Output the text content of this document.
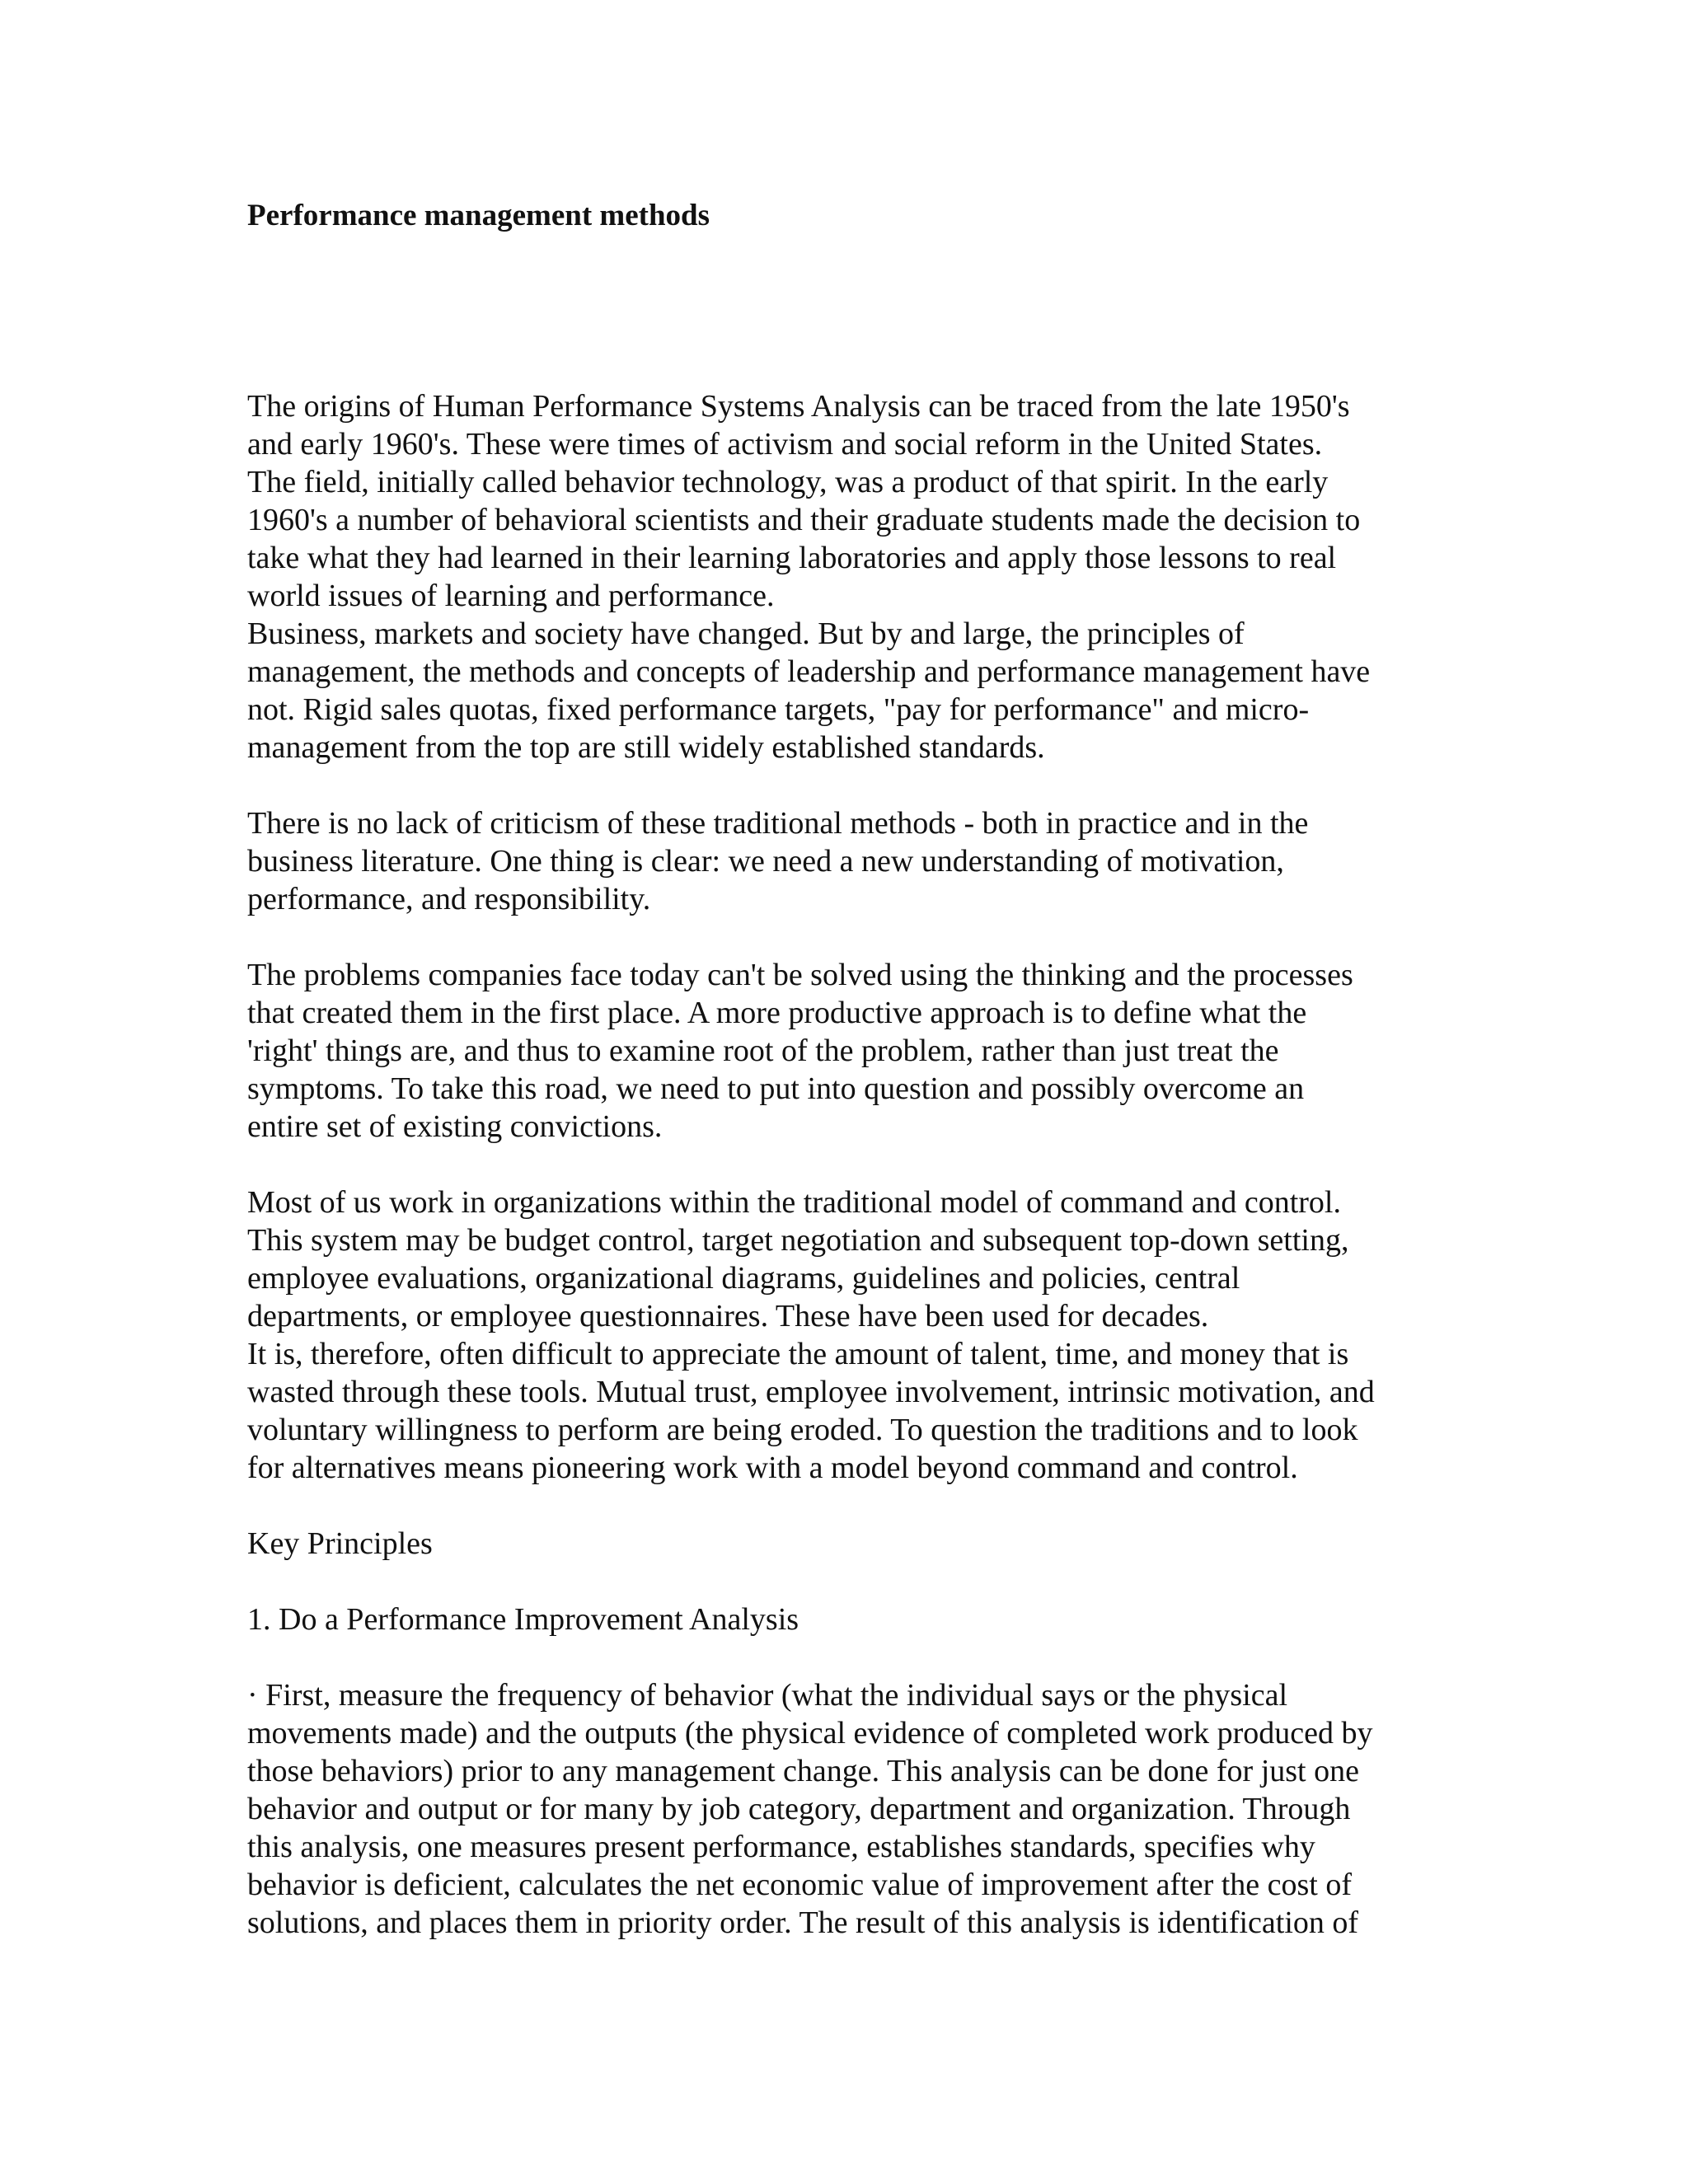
Performance management methods
The origins of Human Performance Systems Analysis can be traced from the late 1950's
and early 1960's. These were times of activism and social reform in the United States.
The field, initially called behavior technology, was a product of that spirit. In the early
1960's a number of behavioral scientists and their graduate students made the decision to
take what they had learned in their learning laboratories and apply those lessons to real
world issues of learning and performance.
Business, markets and society have changed. But by and large, the principles of
management, the methods and concepts of leadership and performance management have
not. Rigid sales quotas, fixed performance targets, "pay for performance" and micro-
management from the top are still widely established standards.
There is no lack of criticism of these traditional methods - both in practice and in the
business literature. One thing is clear: we need a new understanding of motivation,
performance, and responsibility.
The problems companies face today can't be solved using the thinking and the processes
that created them in the first place. A more productive approach is to define what the
'right' things are, and thus to examine root of the problem, rather than just treat the
symptoms. To take this road, we need to put into question and possibly overcome an
entire set of existing convictions.
Most of us work in organizations within the traditional model of command and control.
This system may be budget control, target negotiation and subsequent top-down setting,
employee evaluations, organizational diagrams, guidelines and policies, central
departments, or employee questionnaires. These have been used for decades.
It is, therefore, often difficult to appreciate the amount of talent, time, and money that is
wasted through these tools. Mutual trust, employee involvement, intrinsic motivation, and
voluntary willingness to perform are being eroded. To question the traditions and to look
for alternatives means pioneering work with a model beyond command and control.
Key Principles
1. Do a Performance Improvement Analysis
· First, measure the frequency of behavior (what the individual says or the physical
movements made) and the outputs (the physical evidence of completed work produced by
those behaviors) prior to any management change. This analysis can be done for just one
behavior and output or for many by job category, department and organization. Through
this analysis, one measures present performance, establishes standards, specifies why
behavior is deficient, calculates the net economic value of improvement after the cost of
solutions, and places them in priority order. The result of this analysis is identification of
